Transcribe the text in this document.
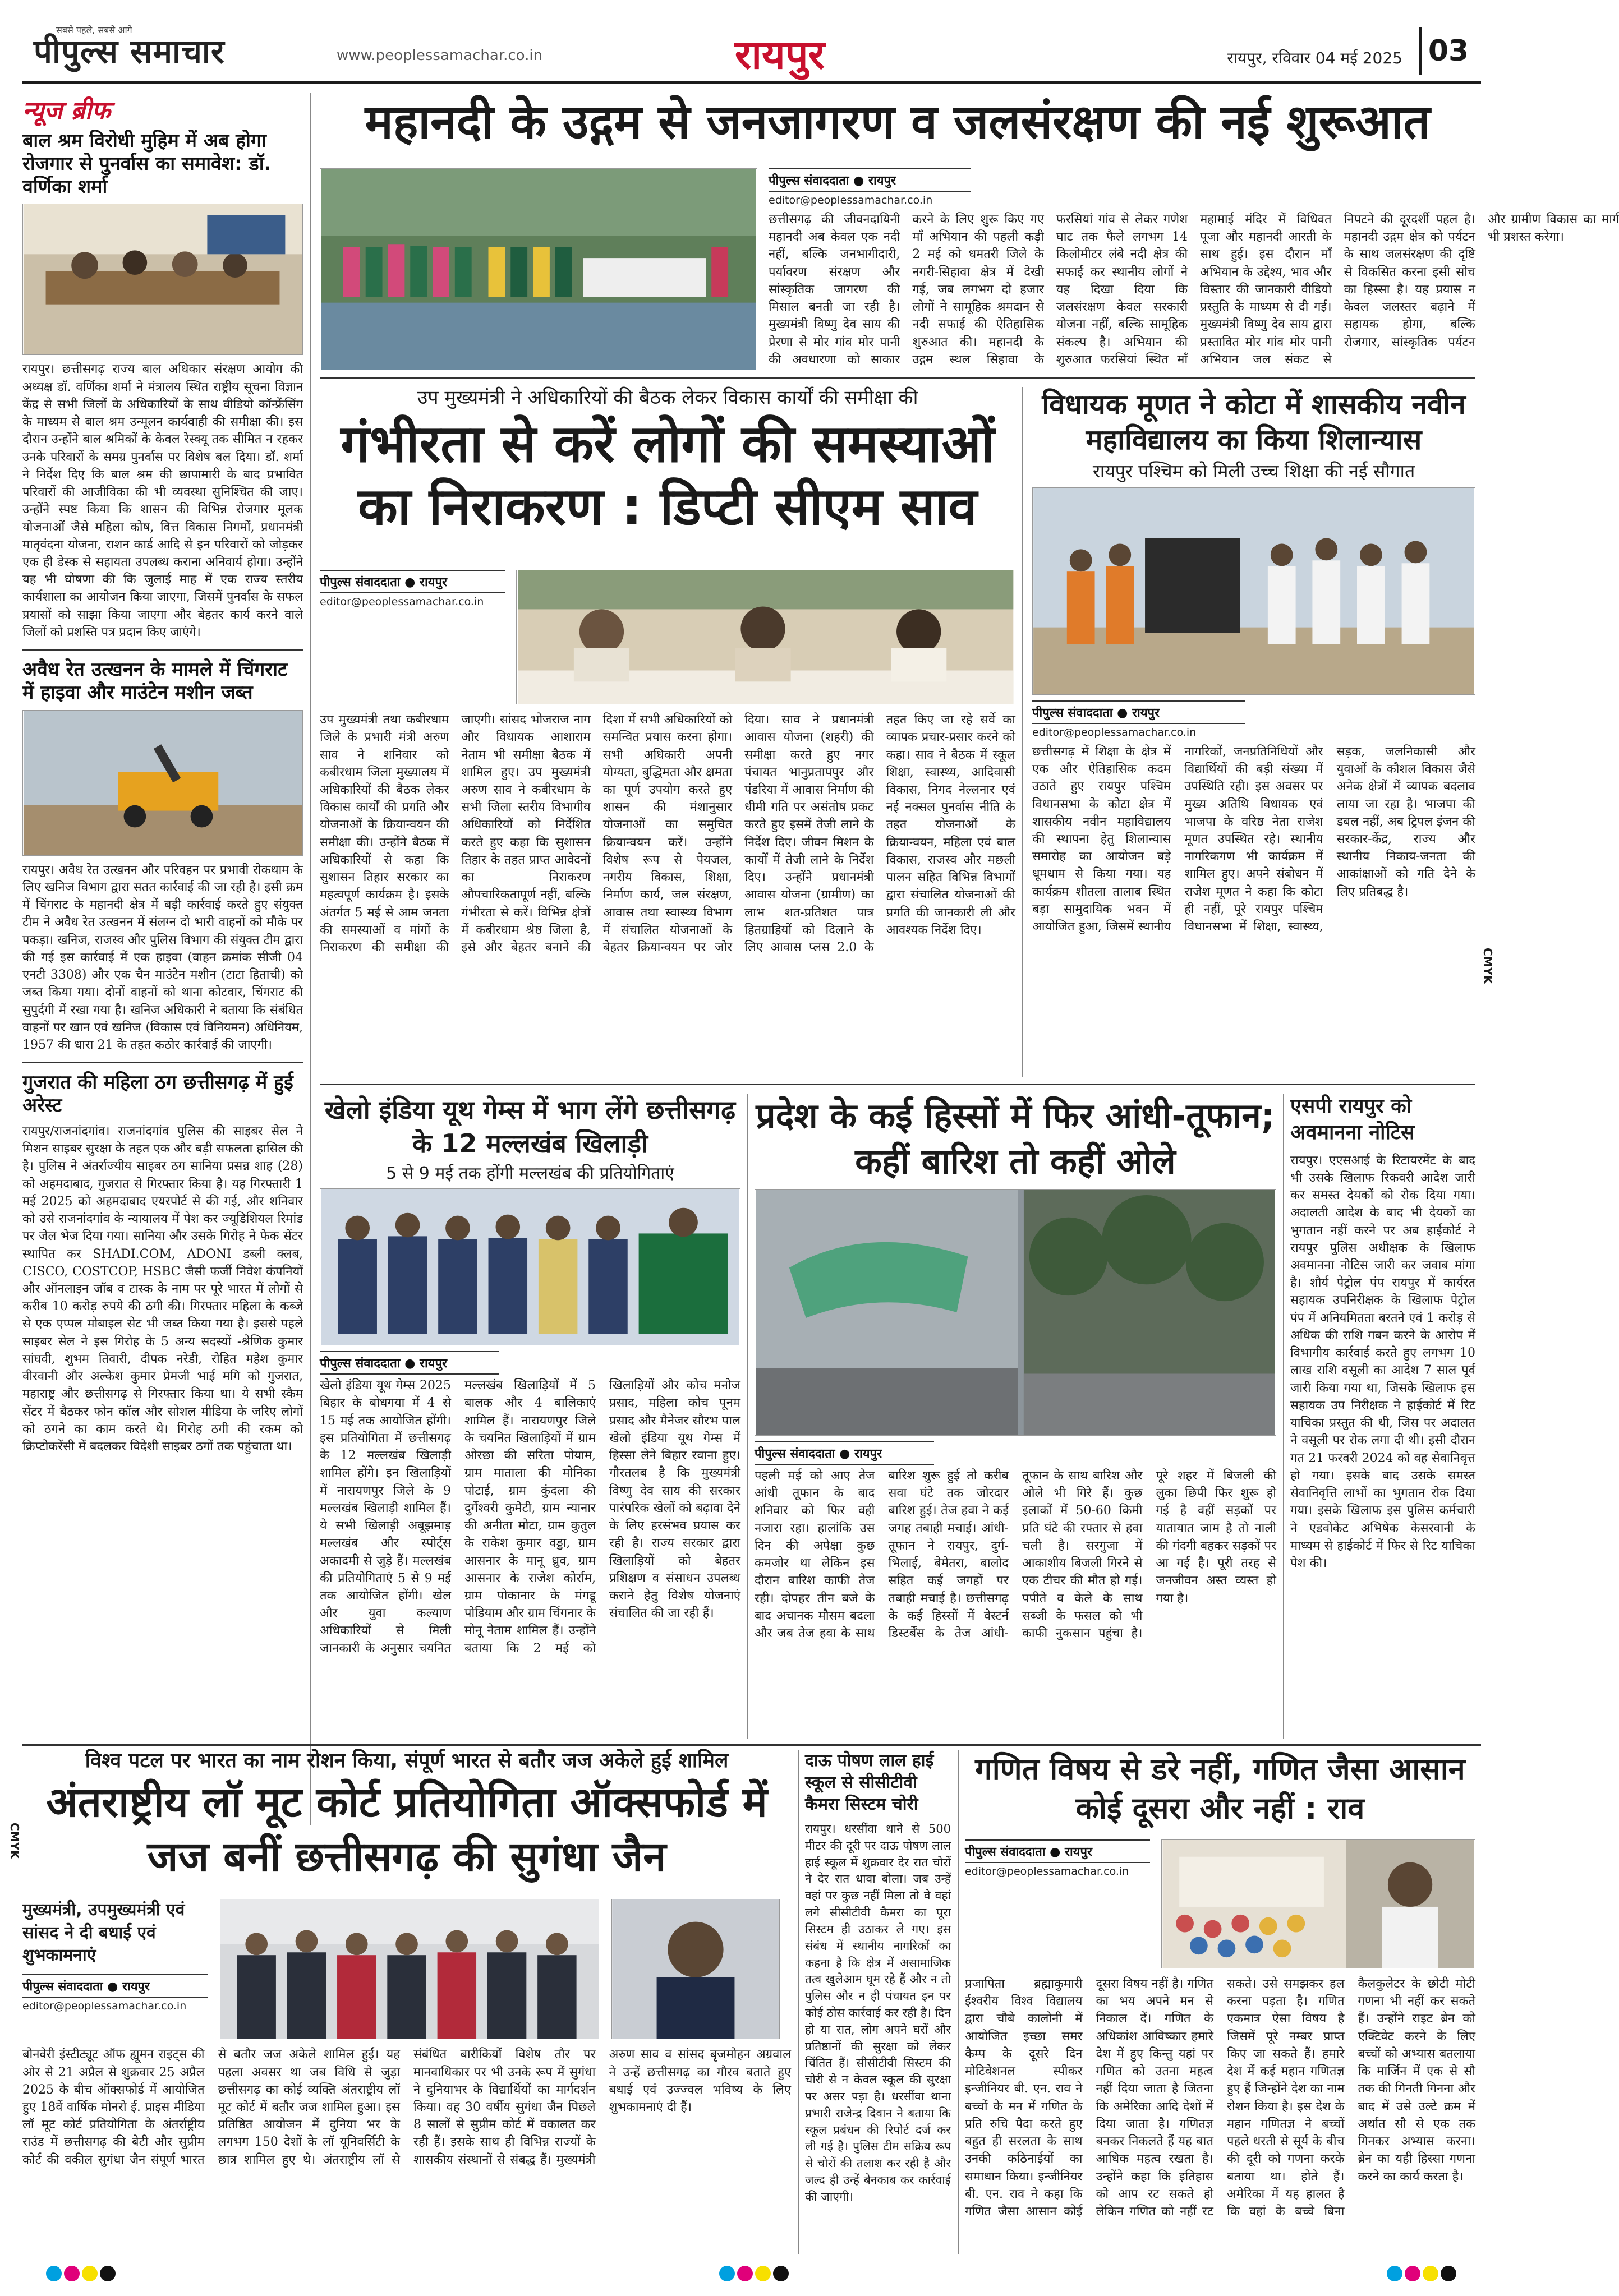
सबसे पहले, सबसे आगे
पीपुल्स समाचार	www.peoplessamachar.co.in	रायपुर	रायपुर, रविवार 04 मई 2025 03
न्यूज ब्रीफ
बाल श्रम विरोधी मुहिम में अब होगा रोजगार से पुनर्वास का समावेश: डॉ. वर्णिका शर्मा
रायपुर। छत्तीसगढ़ राज्य बाल अधिकार संरक्षण आयोग की अध्यक्ष डॉ. वर्णिका शर्मा ने मंत्रालय स्थित राष्ट्रीय सूचना विज्ञान केंद्र से सभी जिलों के अधिकारियों के साथ वीडियो कॉन्फ्रेंसिंग के माध्यम से बाल श्रम उन्मूलन कार्यवाही की समीक्षा की। इस दौरान उन्होंने बाल श्रमिकों के केवल रेस्क्यू तक सीमित न रहकर उनके परिवारों के समग्र पुनर्वास पर विशेष बल दिया। डॉ. शर्मा ने निर्देश दिए कि बाल श्रम की छापामारी के बाद प्रभावित परिवारों की आजीविका की भी व्यवस्था सुनिश्चित की जाए। उन्होंने स्पष्ट किया कि शासन की विभिन्न रोजगार मूलक योजनाओं जैसे महिला कोष, वित्त विकास निगमों, प्रधानमंत्री मातृवंदना योजना, राशन कार्ड आदि से इन परिवारों को जोड़कर एक ही डेस्क से सहायता उपलब्ध कराना अनिवार्य होगा। उन्होंने यह भी घोषणा की कि जुलाई माह में एक राज्य स्तरीय कार्यशाला का आयोजन किया जाएगा, जिसमें पुनर्वास के सफल प्रयासों को साझा किया जाएगा और बेहतर कार्य करने वाले जिलों को प्रशस्ति पत्र प्रदान किए जाएंगे।
अवैध रेत उत्खनन के मामले में चिंगराट में हाइवा और माउंटेन मशीन जब्त
रायपुर। अवैध रेत उत्खनन और परिवहन पर प्रभावी रोकथाम के लिए खनिज विभाग द्वारा सतत कार्रवाई की जा रही है। इसी क्रम में चिंगराट के महानदी क्षेत्र में बड़ी कार्रवाई करते हुए संयुक्त टीम ने अवैध रेत उत्खनन में संलग्न दो भारी वाहनों को मौके पर पकड़ा। खनिज, राजस्व और पुलिस विभाग की संयुक्त टीम द्वारा की गई इस कार्रवाई में एक हाइवा (वाहन क्रमांक सीजी 04 एनटी 3308) और एक चैन माउंटेन मशीन (टाटा हिताची) को जब्त किया गया। दोनों वाहनों को थाना कोटवार, चिंगराट की सुपुर्दगी में रखा गया है। खनिज अधिकारी ने बताया कि संबंधित वाहनों पर खान एवं खनिज (विकास एवं विनियमन) अधिनियम, 1957 की धारा 21 के तहत कठोर कार्रवाई की जाएगी।
गुजरात की महिला ठग छत्तीसगढ़ में हुई अरेस्ट
रायपुर/राजनांदगांव। राजनांदगांव पुलिस की साइबर सेल ने मिशन साइबर सुरक्षा के तहत एक और बड़ी सफलता हासिल की है। पुलिस ने अंतर्राज्यीय साइबर ठग सानिया प्रसन्न शाह (28) को अहमदाबाद, गुजरात से गिरफ्तार किया है। यह गिरफ्तारी 1 मई 2025 को अहमदाबाद एयरपोर्ट से की गई, और शनिवार को उसे राजनांदगांव के न्यायालय में पेश कर ज्यूडिशियल रिमांड पर जेल भेज दिया गया। सानिया और उसके गिरोह ने फेक सेंटर स्थापित कर SHADI.COM, ADONI डब्ली क्लब, CISCO, COSTCOP, HSBC जैसी फर्जी निवेश कंपनियों और ऑनलाइन जॉब व टास्क के नाम पर पूरे भारत में लोगों से करीब 10 करोड़ रुपये की ठगी की। गिरफ्तार महिला के कब्जे से एक एप्पल मोबाइल सेट भी जब्त किया गया है। इससे पहले साइबर सेल ने इस गिरोह के 5 अन्य सदस्यों -श्रेणिक कुमार सांघवी, शुभम तिवारी, दीपक नरेडी, रोहित महेश कुमार वीरवानी और अल्केश कुमार प्रेमजी भाई मगि को गुजरात, महाराष्ट्र और छत्तीसगढ़ से गिरफ्तार किया था। ये सभी स्कैम सेंटर में बैठकर फोन कॉल और सोशल मीडिया के जरिए लोगों को ठगने का काम करते थे। गिरोह ठगी की रकम को क्रिप्टोकरेंसी में बदलकर विदेशी साइबर ठगों तक पहुंचाता था।
महानदी के उद्गम से जनजागरण व जलसंरक्षण की नई शुरूआत
पीपुल्स संवाददाता ● रायपुर
editor@peoplessamachar.co.in
छत्तीसगढ़ की जीवनदायिनी महानदी अब केवल एक नदी नहीं, बल्कि जनभागीदारी, पर्यावरण संरक्षण और सांस्कृतिक जागरण की मिसाल बनती जा रही है। मुख्यमंत्री विष्णु देव साय की प्रेरणा से मोर गांव मोर पानी की अवधारणा को साकार करने के लिए शुरू किए गए माँ अभियान की पहली कड़ी 2 मई को धमतरी जिले के नगरी-सिहावा क्षेत्र में देखी गई, जब लगभग दो हजार लोगों ने सामूहिक श्रमदान से नदी सफाई की ऐतिहासिक शुरुआत की। महानदी के उद्गम स्थल सिहावा के फरसियां गांव से लेकर गणेश घाट तक फैले लगभग 14 किलोमीटर लंबे नदी क्षेत्र की सफाई कर स्थानीय लोगों ने यह दिखा दिया कि जलसंरक्षण केवल सरकारी योजना नहीं, बल्कि सामूहिक संकल्प है। अभियान की शुरुआत फरसियां स्थित माँ महामाई मंदिर में विधिवत पूजा और महानदी आरती के साथ हुई। इस दौरान माँ अभियान के उद्देश्य, भाव और विस्तार की जानकारी वीडियो प्रस्तुति के माध्यम से दी गई। मुख्यमंत्री विष्णु देव साय द्वारा प्रस्तावित मोर गांव मोर पानी अभियान जल संकट से निपटने की दूरदर्शी पहल है। महानदी उद्गम क्षेत्र को पर्यटन के साथ जलसंरक्षण की दृष्टि से विकसित करना इसी सोच का हिस्सा है। यह प्रयास न केवल जलस्तर बढ़ाने में सहायक होगा, बल्कि रोजगार, सांस्कृतिक पर्यटन और ग्रामीण विकास का मार्ग भी प्रशस्त करेगा।
उप मुख्यमंत्री ने अधिकारियों की बैठक लेकर विकास कार्यों की समीक्षा की
गंभीरता से करें लोगों की समस्याओं का निराकरण : डिप्टी सीएम साव
पीपुल्स संवाददाता ● रायपुर
editor@peoplessamachar.co.in
उप मुख्यमंत्री तथा कबीरधाम जिले के प्रभारी मंत्री अरुण साव ने शनिवार को कबीरधाम जिला मुख्यालय में अधिकारियों की बैठक लेकर विकास कार्यों की प्रगति और योजनाओं के क्रियान्वयन की समीक्षा की। उन्होंने बैठक में अधिकारियों से कहा कि सुशासन तिहार सरकार का महत्वपूर्ण कार्यक्रम है। इसके अंतर्गत 5 मई से आम जनता की समस्याओं व मांगों के निराकरण की समीक्षा की जाएगी। सांसद भोजराज नाग और विधायक आशाराम नेताम भी समीक्षा बैठक में शामिल हुए। उप मुख्यमंत्री अरुण साव ने कबीरधाम के सभी जिला स्तरीय विभागीय अधिकारियों को निर्देशित करते हुए कहा कि सुशासन तिहार के तहत प्राप्त आवेदनों का निराकरण औपचारिकतापूर्ण नहीं, बल्कि गंभीरता से करें। विभिन्न क्षेत्रों में कबीरधाम श्रेष्ठ जिला है, इसे और बेहतर बनाने की दिशा में सभी अधिकारियों को समन्वित प्रयास करना होगा। सभी अधिकारी अपनी योग्यता, बुद्धिमता और क्षमता का पूर्ण उपयोग करते हुए शासन की मंशानुसार योजनाओं का समुचित क्रियान्वयन करें। उन्होंने विशेष रूप से पेयजल, नगरीय विकास, शिक्षा, निर्माण कार्य, जल संरक्षण, आवास तथा स्वास्थ्य विभाग में संचालित योजनाओं के बेहतर क्रियान्वयन पर जोर दिया। साव ने प्रधानमंत्री आवास योजना (शहरी) की समीक्षा करते हुए नगर पंचायत भानुप्रतापपुर और पंडरिया में आवास निर्माण की धीमी गति पर असंतोष प्रकट करते हुए इसमें तेजी लाने के निर्देश दिए। जीवन मिशन के कार्यों में तेजी लाने के निर्देश दिए। उन्होंने प्रधानमंत्री आवास योजना (ग्रामीण) का लाभ शत-प्रतिशत पात्र हितग्राहियों को दिलाने के लिए आवास प्लस 2.0 के तहत किए जा रहे सर्वे का व्यापक प्रचार-प्रसार करने को कहा। साव ने बैठक में स्कूल शिक्षा, स्वास्थ्य, आदिवासी विकास, निगद नेल्लनार एवं नई नक्सल पुनर्वास नीति के तहत योजनाओं के क्रियान्वयन, महिला एवं बाल विकास, राजस्व और मछली पालन सहित विभिन्न विभागों द्वारा संचालित योजनाओं की प्रगति की जानकारी ली और आवश्यक निर्देश दिए।
विधायक मूणत ने कोटा में शासकीय नवीन महाविद्यालय का किया शिलान्यास
रायपुर पश्चिम को मिली उच्च शिक्षा की नई सौगात
पीपुल्स संवाददाता ● रायपुर
editor@peoplessamachar.co.in
छत्तीसगढ़ में शिक्षा के क्षेत्र में एक और ऐतिहासिक कदम उठाते हुए रायपुर पश्चिम विधानसभा के कोटा क्षेत्र में शासकीय नवीन महाविद्यालय की स्थापना हेतु शिलान्यास समारोह का आयोजन बड़े धूमधाम से किया गया। यह कार्यक्रम शीतला तालाब स्थित बड़ा सामुदायिक भवन में आयोजित हुआ, जिसमें स्थानीय नागरिकों, जनप्रतिनिधियों और विद्यार्थियों की बड़ी संख्या में उपस्थिति रही। इस अवसर पर मुख्य अतिथि विधायक एवं भाजपा के वरिष्ठ नेता राजेश मूणत उपस्थित रहे। स्थानीय नागरिकगण भी कार्यक्रम में शामिल हुए। अपने संबोधन में राजेश मूणत ने कहा कि कोटा ही नहीं, पूरे रायपुर पश्चिम विधानसभा में शिक्षा, स्वास्थ्य, सड़क, जलनिकासी और युवाओं के कौशल विकास जैसे अनेक क्षेत्रों में व्यापक बदलाव लाया जा रहा है। भाजपा की डबल नहीं, अब ट्रिपल इंजन की सरकार-केंद्र, राज्य और स्थानीय निकाय-जनता की आकांक्षाओं को गति देने के लिए प्रतिबद्ध है।
खेलो इंडिया यूथ गेम्स में भाग लेंगे छत्तीसगढ़ के 12 मल्लखंब खिलाड़ी
5 से 9 मई तक होंगी मल्लखंब की प्रतियोगिताएं
पीपुल्स संवाददाता ● रायपुर
खेलो इंडिया यूथ गेम्स 2025 बिहार के बोधगया में 4 से 15 मई तक आयोजित होंगी। इस प्रतियोगिता में छत्तीसगढ़ के 12 मल्लखंब खिलाड़ी शामिल होंगे। इन खिलाड़ियों में नारायणपुर जिले के 9 मल्लखंब खिलाड़ी शामिल हैं। ये सभी खिलाड़ी अबूझमाड़ मल्लखंब और स्पोर्ट्स अकादमी से जुड़े हैं। मल्लखंब की प्रतियोगिताएं 5 से 9 मई तक आयोजित होंगी। खेल और युवा कल्याण अधिकारियों से मिली जानकारी के अनुसार चयनित मल्लखंब खिलाड़ियों में 5 बालक और 4 बालिकाएं शामिल हैं। नारायणपुर जिले के चयनित खिलाड़ियों में ग्राम ओरछा की सरिता पोयाम, ग्राम माताला की मोनिका पोटाई, ग्राम कुंदला की दुर्गेश्वरी कुमेटी, ग्राम न्यानार की अनीता मोटा, ग्राम कुतुल के राकेश कुमार वड्डा, ग्राम आसनार के मानू ध्रुव, ग्राम आसनार के राजेश कोर्राम, ग्राम पोकानार के मंगडू पोडियाम और ग्राम चिंगनार के मोनू नेताम शामिल हैं। उन्होंने बताया कि 2 मई को खिलाड़ियों और कोच मनोज प्रसाद, महिला कोच पूनम प्रसाद और मैनेजर सौरभ पाल खेलो इंडिया यूथ गेम्स में हिस्सा लेने बिहार रवाना हुए। गौरतलब है कि मुख्यमंत्री विष्णु देव साय की सरकार पारंपरिक खेलों को बढ़ावा देने के लिए हरसंभव प्रयास कर रही है। राज्य सरकार द्वारा खिलाड़ियों को बेहतर प्रशिक्षण व संसाधन उपलब्ध कराने हेतु विशेष योजनाएं संचालित की जा रही हैं।
प्रदेश के कई हिस्सों में फिर आंधी-तूफान; कहीं बारिश तो कहीं ओले
पीपुल्स संवाददाता ● रायपुर
पहली मई को आए तेज आंधी तूफान के बाद शनिवार को फिर वही नजारा रहा। हालांकि उस दिन की अपेक्षा कुछ कमजोर था लेकिन इस दौरान बारिश काफी तेज रही। दोपहर तीन बजे के बाद अचानक मौसम बदला और जब तेज हवा के साथ बारिश शुरू हुई तो करीब सवा घंटे तक जोरदार बारिश हुई। तेज हवा ने कई जगह तबाही मचाई। आंधी-तूफान ने रायपुर, दुर्ग-भिलाई, बेमेतरा, बालोद सहित कई जगहों पर तबाही मचाई है। छत्तीसगढ़ के कई हिस्सों में वेस्टर्न डिस्टर्बेंस के तेज आंधी-तूफान के साथ बारिश और ओले भी गिरे हैं। कुछ इलाकों में 50-60 किमी प्रति घंटे की रफ्तार से हवा चली है। सरगुजा में आकाशीय बिजली गिरने से एक टीचर की मौत हो गई। पपीते व केले के साथ सब्जी के फसल को भी काफी नुकसान पहुंचा है। पूरे शहर में बिजली की लुका छिपी फिर शुरू हो गई है वहीं सड़कों पर यातायात जाम है तो नाली की गंदगी बहकर सड़कों पर आ गई है। पूरी तरह से जनजीवन अस्त व्यस्त हो गया है।
एसपी रायपुर को अवमानना नोटिस
रायपुर। एएसआई के रिटायरमेंट के बाद भी उसके खिलाफ रिकवरी आदेश जारी कर समस्त देयकों को रोक दिया गया। अदालती आदेश के बाद भी देयकों का भुगतान नहीं करने पर अब हाईकोर्ट ने रायपुर पुलिस अधीक्षक के खिलाफ अवमानना नोटिस जारी कर जवाब मांगा है। शौर्य पेट्रोल पंप रायपुर में कार्यरत सहायक उपनिरीक्षक के खिलाफ पेट्रोल पंप में अनियमितता बरतने एवं 1 करोड़ से अधिक की राशि गबन करने के आरोप में विभागीय कार्रवाई करते हुए लगभग 10 लाख राशि वसूली का आदेश 7 साल पूर्व जारी किया गया था, जिसके खिलाफ इस सहायक उप निरीक्षक ने हाईकोर्ट में रिट याचिका प्रस्तुत की थी, जिस पर अदालत ने वसूली पर रोक लगा दी थी। इसी दौरान गत 21 फरवरी 2024 को वह सेवानिवृत्त हो गया। इसके बाद उसके समस्त सेवानिवृत्ति लाभों का भुगतान रोक दिया गया। इसके खिलाफ इस पुलिस कर्मचारी ने एडवोकेट अभिषेक केसरवानी के माध्यम से हाईकोर्ट में फिर से रिट याचिका पेश की।
विश्व पटल पर भारत का नाम रोशन किया, संपूर्ण भारत से बतौर जज अकेले हुई शामिल
अंतराष्ट्रीय लॉ मूट कोर्ट प्रतियोगिता ऑक्सफोर्ड में जज बनीं छत्तीसगढ़ की सुगंधा जैन
मुख्यमंत्री, उपमुख्यमंत्री एवं सांसद ने दी बधाई एवं शुभकामनाएं
पीपुल्स संवाददाता ● रायपुर
editor@peoplessamachar.co.in
बोनवेरी इंस्टीट्यूट ऑफ ह्यूमन राइट्स की ओर से 21 अप्रैल से शुक्रवार 25 अप्रैल 2025 के बीच ऑक्सफोर्ड में आयोजित हुए 18वें वार्षिक मोनरो ई. प्राइस मीडिया लॉ मूट कोर्ट प्रतियोगिता के अंतर्राष्ट्रीय राउंड में छत्तीसगढ़ की बेटी और सुप्रीम कोर्ट की वकील सुगंधा जैन संपूर्ण भारत से बतौर जज अकेले शामिल हुईं। यह पहला अवसर था जब विधि से जुड़ा छत्तीसगढ़ का कोई व्यक्ति अंतराष्ट्रीय लॉ मूट कोर्ट में बतौर जज शामिल हुआ। इस प्रतिष्ठित आयोजन में दुनिया भर के लगभग 150 देशों के लॉ यूनिवर्सिटी के छात्र शामिल हुए थे। अंतराष्ट्रीय लॉ से संबंधित बारीकियों विशेष तौर पर मानवाधिकार पर भी उनके रूप में सुगंधा ने दुनियाभर के विद्यार्थियों का मार्गदर्शन किया। वह 30 वर्षीय सुगंधा जैन पिछले 8 सालों से सुप्रीम कोर्ट में वकालत कर रही हैं। इसके साथ ही विभिन्न राज्यों के शासकीय संस्थानों से संबद्ध हैं। मुख्यमंत्री अरुण साव व सांसद बृजमोहन अग्रवाल ने उन्हें छत्तीसगढ़ का गौरव बताते हुए बधाई एवं उज्ज्वल भविष्य के लिए शुभकामनाएं दी हैं।
दाऊ पोषण लाल हाई स्कूल से सीसीटीवी कैमरा सिस्टम चोरी
रायपुर। धरसींवा थाने से 500 मीटर की दूरी पर दाऊ पोषण लाल हाई स्कूल में शुक्रवार देर रात चोरों ने देर रात धावा बोला। जब उन्हें वहां पर कुछ नहीं मिला तो वे वहां लगे सीसीटीवी कैमरा का पूरा सिस्टम ही उठाकर ले गए। इस संबंध में स्थानीय नागरिकों का कहना है कि क्षेत्र में असामाजिक तत्व खुलेआम घूम रहे हैं और न तो पुलिस और न ही पंचायत इन पर कोई ठोस कार्रवाई कर रही है। दिन हो या रात, लोग अपने घरों और प्रतिष्ठानों की सुरक्षा को लेकर चिंतित हैं। सीसीटीवी सिस्टम की चोरी से न केवल स्कूल की सुरक्षा पर असर पड़ा है। धरसींवा थाना प्रभारी राजेन्द्र दिवान ने बताया कि स्कूल प्रबंधन की रिपोर्ट दर्ज कर ली गई है। पुलिस टीम सक्रिय रूप से चोरों की तलाश कर रही है और जल्द ही उन्हें बेनकाब कर कार्रवाई की जाएगी।
गणित विषय से डरे नहीं, गणित जैसा आसान कोई दूसरा और नहीं : राव
पीपुल्स संवाददाता ● रायपुर
editor@peoplessamachar.co.in
प्रजापिता ब्रह्माकुमारी ईश्वरीय विश्व विद्यालय द्वारा चौबे कालोनी में आयोजित इच्छा समर कैम्प के दूसरे दिन मोटिवेशनल स्पीकर इन्जीनियर बी. एन. राव ने बच्चों के मन में गणित के प्रति रुचि पैदा करते हुए बहुत ही सरलता के साथ उनकी कठिनाईयों का समाधान किया। इन्जीनियर बी. एन. राव ने कहा कि गणित जैसा आसान कोई दूसरा विषय नहीं है। गणित का भय अपने मन से निकाल दें। गणित के अधिकांश आविष्कार हमारे देश में हुए किन्तु यहां पर गणित को उतना महत्व नहीं दिया जाता है जितना कि अमेरिका आदि देशों में दिया जाता है। गणितज्ञ बनकर निकलते हैं यह बात आधिक महत्व रखता है। उन्होंने कहा कि इतिहास को आप रट सकते हो लेकिन गणित को नहीं रट सकते। उसे समझकर हल करना पड़ता है। गणित एकमात्र ऐसा विषय है जिसमें पूरे नम्बर प्राप्त किए जा सकते हैं। हमारे देश में कई महान गणितज्ञ हुए हैं जिन्होंने देश का नाम रोशन किया है। इस देश के महान गणितज्ञ ने बच्चों पहले धरती से सूर्य के बीच की दूरी को गणना करके बताया था। होते हैं। अमेरिका में यह हालत है कि वहां के बच्चे बिना कैलकुलेटर के छोटी मोटी गणना भी नहीं कर सकते हैं। उन्होंने राइट ब्रेन को एक्टिवेट करने के लिए बच्चों को अभ्यास बतलाया कि मार्जिन में एक से सौ तक की गिनती गिनना और बाद में उसे उल्टे क्रम में अर्थात सौ से एक तक गिनकर अभ्यास करना। ब्रेन का यही हिस्सा गणना करने का कार्य करता है।
CMYK
CMYK
